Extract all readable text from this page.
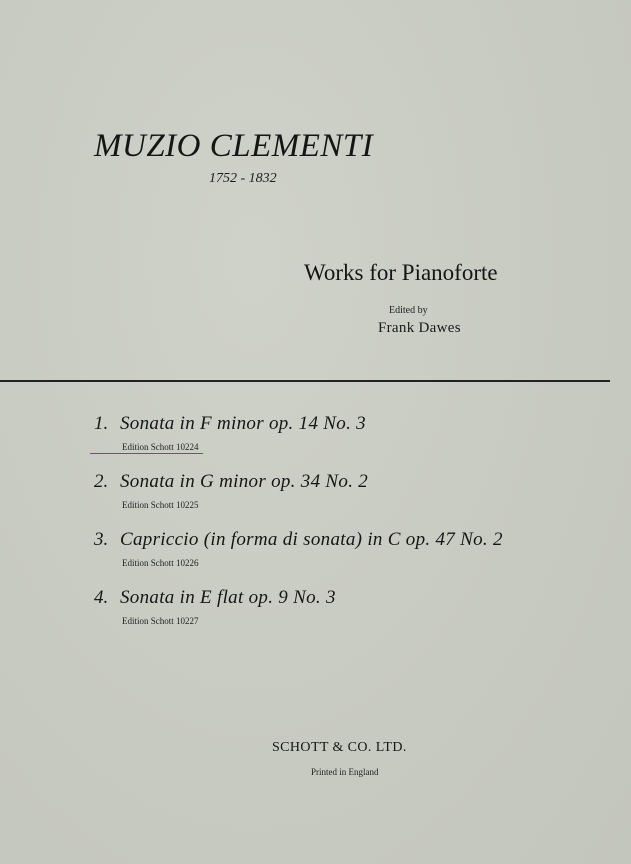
MUZIO CLEMENTI
1752 - 1832
Works for Pianoforte
Edited by
Frank Dawes
1. Sonata in F minor op. 14 No. 3
Edition Schott 10224
2. Sonata in G minor op. 34 No. 2
Edition Schott 10225
3. Capriccio (in forma di sonata) in C op. 47 No. 2
Edition Schott 10226
4. Sonata in E flat op. 9 No. 3
Edition Schott 10227
SCHOTT & CO. LTD.
Printed in England
